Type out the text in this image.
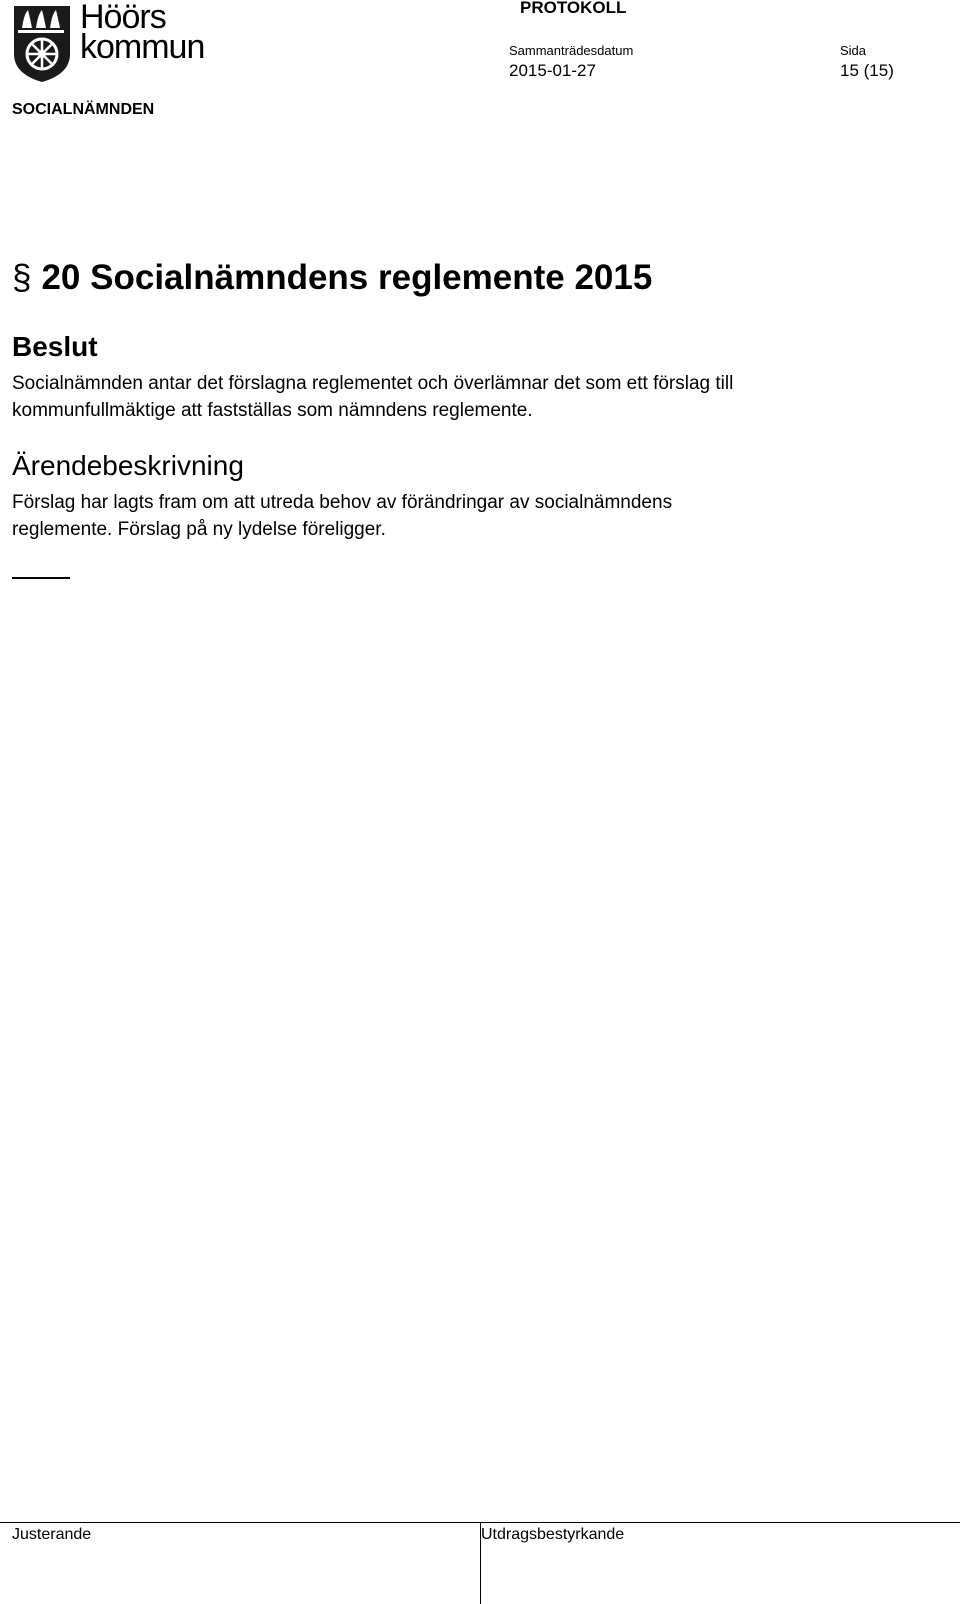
Höörs
kommun
PROTOKOLL
Sammanträdesdatum
2015-01-27
Sida
15 (15)
SOCIALNÄMNDEN
§ 20 Socialnämndens reglemente 2015
Beslut
Socialnämnden antar det förslagna reglementet och överlämnar det som ett förslag till kommunfullmäktige att fastställas som nämndens reglemente.
Ärendebeskrivning
Förslag har lagts fram om att utreda behov av förändringar av socialnämndens reglemente. Förslag på ny lydelse föreligger.
Justerande	Utdragsbestyrkande
